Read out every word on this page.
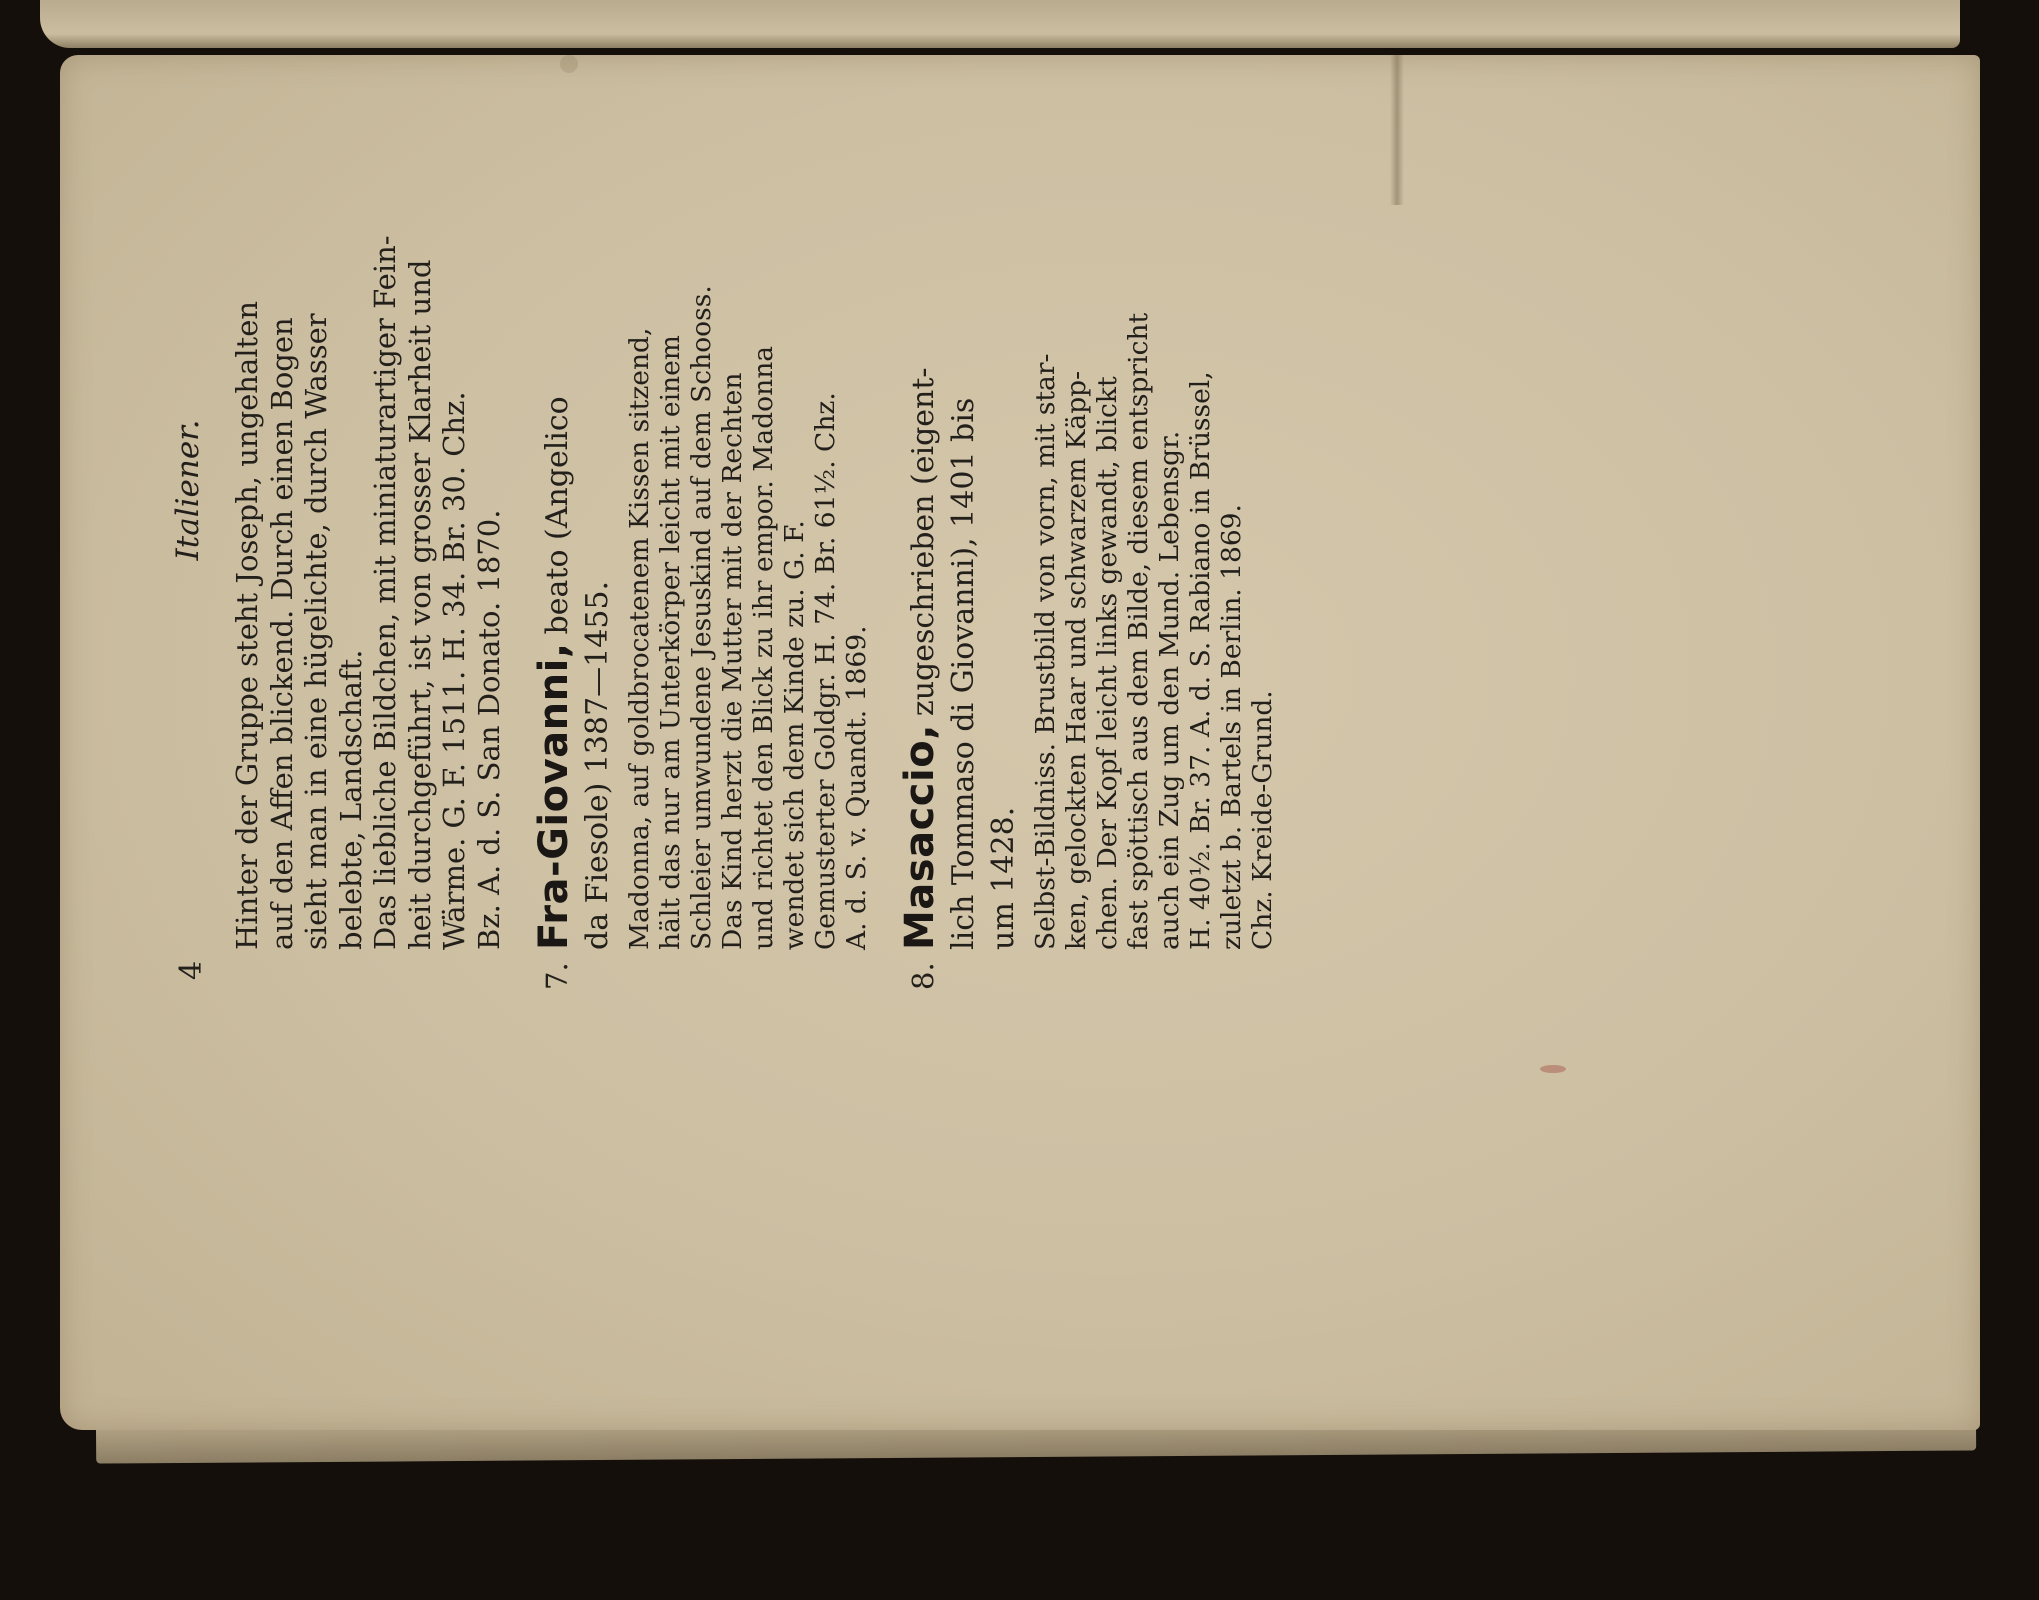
4
Italiener. Hinter der Gruppe steht Joseph, ungehalten auf den Affen blickend. Durch einen Bogen sieht man in eine hügelichte, durch Wasser belebte, Landschaft. Das liebliche Bildchen, mit miniaturartiger Fein- heit durchgeführt, ist von grosser Klarheit und Wärme. G. F. 1511. H. 34. Br. 30. Chz. Bz. A. d. S. San Donato. 1870.

7.
Fra-Giovanni,
beato (Angelico

da Fiesole) 1387—1455. Madonna, auf goldbrocatenem Kissen sitzend, hält das nur am Unterkörper leicht mit einem Schleier umwundene Jesuskind auf dem Schooss. Das Kind herzt die Mutter mit der Rechten und richtet den Blick zu ihr empor. Madonna wendet sich dem Kinde zu. G. F. Gemusterter Goldgr. H. 74. Br. 61½. Chz. A. d. S. v. Quandt. 1869.

8.
Masaccio,
zugeschrieben (eigent- lich Tommaso di Giovanni), 1401 bis um 1428. Selbst-Bildniss. Brustbild von vorn, mit star- ken, gelockten Haar und schwarzem Käpp- chen. Der Kopf leicht links gewandt, blickt fast spöttisch aus dem Bilde, diesem entspricht auch ein Zug um den Mund. Lebensgr. H. 40½. Br. 37. A. d. S. Rabiano in Brüssel, zuletzt b. Bartels in Berlin. 1869. Chz. Kreide-Grund.
